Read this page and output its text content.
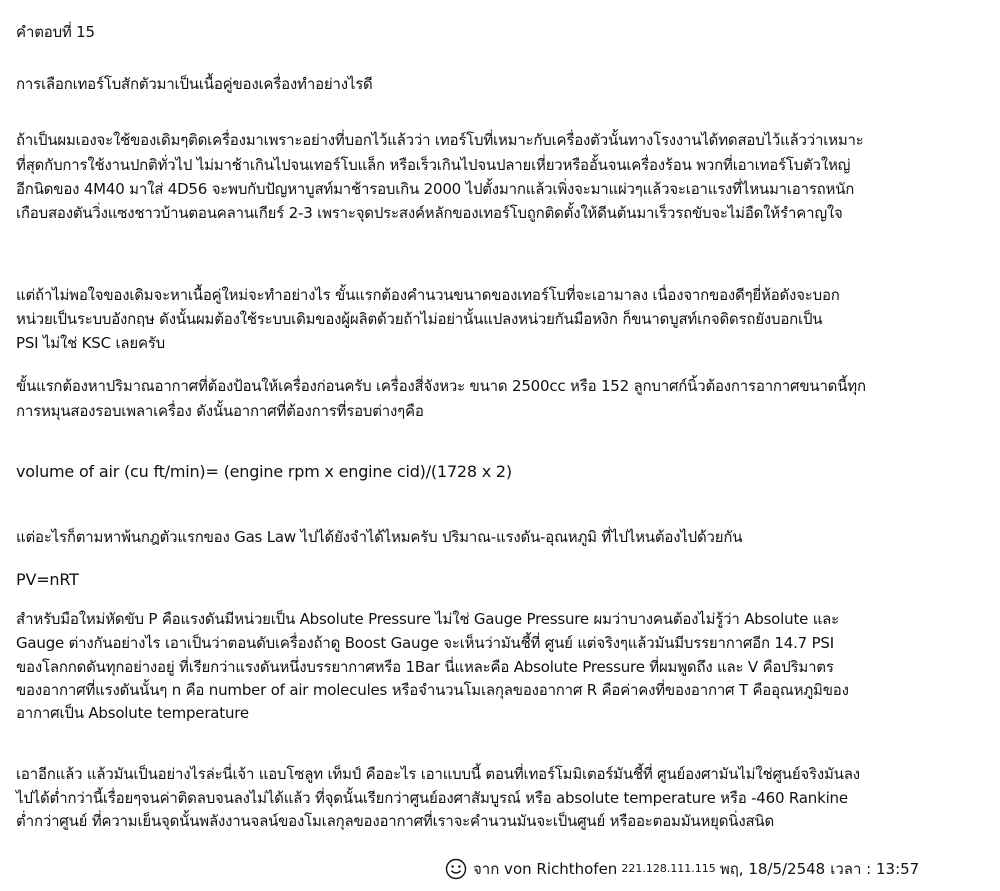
คำตอบที่ 15
การเลือกเทอร์โบสักตัวมาเป็นเนื้อคู่ของเครื่องทำอย่างไรดี
ถ้าเป็นผมเองจะใช้ของเดิมๆติดเครื่องมาเพราะอย่างที่บอกไว้แล้วว่า เทอร์โบที่เหมาะกับเครื่องตัวนั้นทางโรงงานได้ทดสอบไว้แล้วว่าเหมาะ
ที่สุดกับการใช้งานปกติทั่วไป ไม่มาช้าเกินไปจนเทอร์โบแล็ก หรือเร็วเกินไปจนปลายเหี่ยวหรืออั้นจนเครื่องร้อน พวกที่เอาเทอร์โบตัวใหญ่
อีกนิดของ 4M40 มาใส่ 4D56 จะพบกับปัญหาบูสท์มาช้ารอบเกิน 2000 ไปตั้งมากแล้วเพิ่งจะมาแผ่วๆแล้วจะเอาแรงที่ไหนมาเอารถหนัก
เกือบสองตันวิ่งแซงชาวบ้านตอนคลานเกียร์ 2-3 เพราะจุดประสงค์หลักของเทอร์โบถูกติดตั้งให้ดีนต้นมาเร็วรถขับจะไม่อืดให้รำคาญใจ
แต่ถ้าไม่พอใจของเดิมจะหาเนื้อคู่ใหม่จะทำอย่างไร ขั้นแรกต้องคำนวนขนาดของเทอร์โบที่จะเอามาลง เนื่องจากของดีๆยี่ห้อดังจะบอก
หน่วยเป็นระบบอังกฤษ ดังนั้นผมต้องใช้ระบบเดิมของผู้ผลิตด้วยถ้าไม่อย่านั้นแปลงหน่วยกันมือหงิก ก็ขนาดบูสท์เกจดิดรถยังบอกเป็น
PSI ไม่ใช่ KSC เลยครับ
ขั้นแรกต้องหาปริมาณอากาศที่ต้องป้อนให้เครื่องก่อนครับ เครื่องสี่จังหวะ ขนาด 2500cc หรือ 152 ลูกบาศก์นิ้วต้องการอากาศขนาดนี้ทุก
การหมุนสองรอบเพลาเครื่อง ดังนั้นอากาศที่ต้องการที่รอบต่างๆคือ
volume of air (cu ft/min)= (engine rpm x engine cid)/(1728 x 2)
แต่อะไรก็ตามหาพ้นกฎตัวแรกของ Gas Law ไปได้ยังจำได้ไหมครับ ปริมาณ-แรงดัน-อุณหภูมิ ที่ไปไหนต้องไปด้วยกัน
PV=nRT
สำหรับมือใหม่หัดขับ P คือแรงดันมีหน่วยเป็น Absolute Pressure ไม่ใช่ Gauge Pressure ผมว่าบางคนต้องไม่รู้ว่า Absolute และ
Gauge ต่างกันอย่างไร เอาเป็นว่าตอนดับเครื่องถ้าดู Boost Gauge จะเห็นว่ามันชี้ที่ ศูนย์ แต่จริงๆแล้วมันมีบรรยากาศอีก 14.7 PSI
ของโลกกดดันทุกอย่างอยู่ ที่เรียกว่าแรงดันหนึ่งบรรยากาศหรือ 1Bar นี่แหละคือ Absolute Pressure ที่ผมพูดถึง และ V คือปริมาตร
ของอากาศที่แรงดันนั้นๆ n คือ number of air molecules หรือจำนวนโมเลกุลของอากาศ R คือค่าคงที่ของอากาศ T คืออุณหภูมิของ
อากาศเป็น Absolute temperature
เอาอีกแล้ว แล้วมันเป็นอย่างไรล่ะนี่เจ้า แอบโซลูท เท็มป์ คืออะไร เอาแบบนี้ ตอนที่เทอร์โมมิเตอร์มันชี้ที่ ศูนย์องศามันไม่ใช่ศูนย์จริงมันลง
ไปได้ต่ำกว่านี้เรื่อยๆจนค่าติดลบจนลงไม่ได้แล้ว ที่จุดนั้นเรียกว่าศูนย์องศาสัมบูรณ์ หรือ absolute temperature หรือ -460 Rankine
ต่ำกว่าศูนย์ ที่ความเย็นจุดนั้นพลังงานจลน์ของโมเลกุลของอากาศที่เราจะคำนวนมันจะเป็นศูนย์ หรืออะตอมมันหยุดนิ่งสนิด
จาก von Richthofen 221.128.111.115 พฤ, 18/5/2548 เวลา : 13:57
